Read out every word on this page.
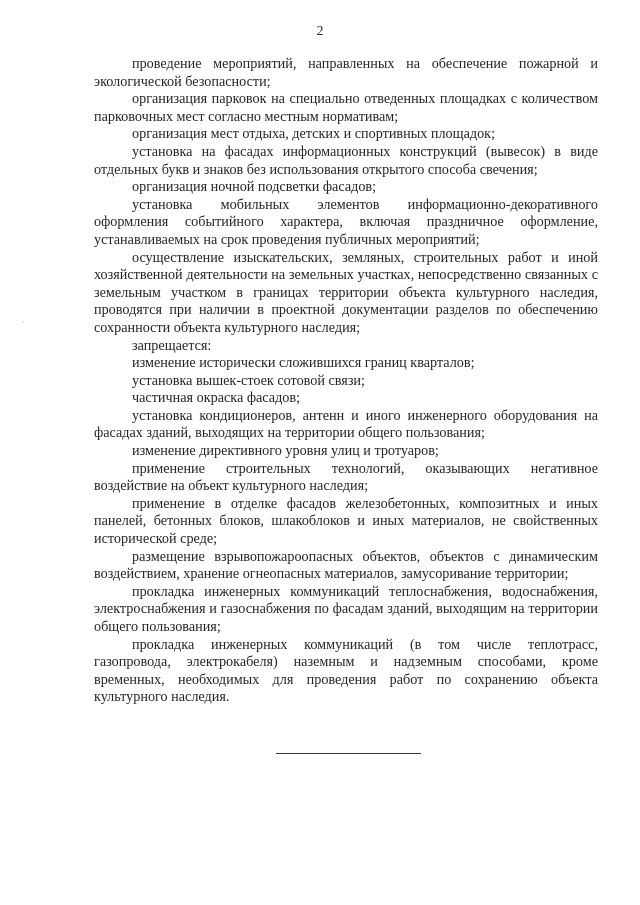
2
·

проведение мероприятий, направленных на обеспечение пожарной и экологической безопасности;

организация парковок на специально отведенных площадках с количеством парковочных мест согласно местным нормативам;

организация мест отдыха, детских и спортивных площадок;

установка на фасадах информационных конструкций (вывесок) в виде отдельных букв и знаков без использования открытого способа свечения;

организация ночной подсветки фасадов;

установка мобильных элементов информационно-декоративного оформления событийного характера, включая праздничное оформление, устанавливаемых на срок проведения публичных мероприятий;

осуществление изыскательских, земляных, строительных работ и иной хозяйственной деятельности на земельных участках, непосредственно связанных с земельным участком в границах территории объекта культурного наследия, проводятся при наличии в проектной документации разделов по обеспечению сохранности объекта культурного наследия;

запрещается:

изменение исторически сложившихся границ кварталов;

установка вышек-стоек сотовой связи;

частичная окраска фасадов;

установка кондиционеров, антенн и иного инженерного оборудования на фасадах зданий, выходящих на территории общего пользования;

изменение директивного уровня улиц и тротуаров;

применение строительных технологий, оказывающих негативное воздействие на объект культурного наследия;

применение в отделке фасадов железобетонных, композитных и иных панелей, бетонных блоков, шлакоблоков и иных материалов, не свойственных исторической среде;

размещение взрывопожароопасных объектов, объектов с динамическим воздействием, хранение огнеопасных материалов, замусоривание территории;

прокладка инженерных коммуникаций теплоснабжения, водоснабжения, электроснабжения и газоснабжения по фасадам зданий, выходящим на территории общего пользования;

прокладка инженерных коммуникаций (в том числе теплотрасс, газопровода, электрокабеля) наземным и надземным способами, кроме временных, необходимых для проведения работ по сохранению объекта культурного наследия.
